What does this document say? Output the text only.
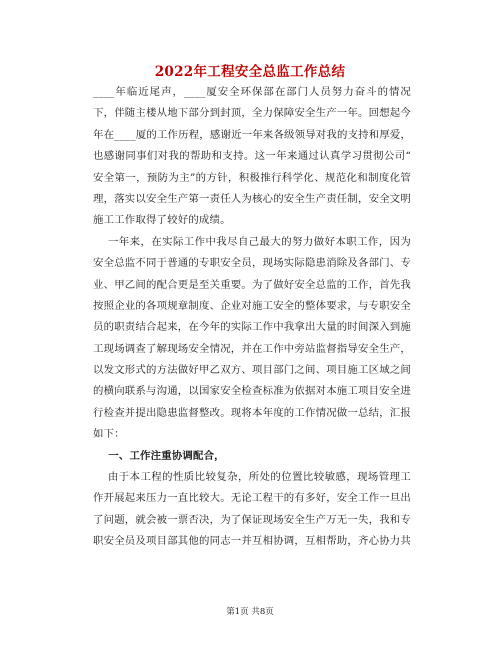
2022年工程安全总监工作总结
____年临近尾声，____厦安全环保部在部门人员努力奋斗的情况
下，伴随主楼从地下部分到封顶，全力保障安全生产一年。回想起今
年在____厦的工作历程，感谢近一年来各级领导对我的支持和厚爱，
也感谢同事们对我的帮助和支持。这一年来通过认真学习贯彻公司“
安全第一，预防为主”的方针，积极推行科学化、规范化和制度化管
理，落实以安全生产第一责任人为核心的安全生产责任制，安全文明
施工工作取得了较好的成绩。
一年来，在实际工作中我尽自己最大的努力做好本职工作，因为
安全总监不同于普通的专职安全员，现场实际隐患消除及各部门、专
业、甲乙间的配合更是至关重要。为了做好安全总监的工作，首先我
按照企业的各项规章制度、企业对施工安全的整体要求，与专职安全
员的职责结合起来，在今年的实际工作中我拿出大量的时间深入到施
工现场调查了解现场安全情况，并在工作中旁站监督指导安全生产，
以发文形式的方法做好甲乙双方、项目部门之间、项目施工区域之间
的横向联系与沟通，以国家安全检查标准为依据对本施工项目安全进
行检查并提出隐患监督整改。现将本年度的工作情况做一总结，汇报
如下：
一、工作注重协调配合，
由于本工程的性质比较复杂，所处的位置比较敏感，现场管理工
作开展起来压力一直比较大。无论工程干的有多好，安全工作一旦出
了问题，就会被一票否决，为了保证现场安全生产万无一失，我和专
职安全员及项目部其他的同志一并互相协调，互相帮助，齐心协力共
第1页 共8页
